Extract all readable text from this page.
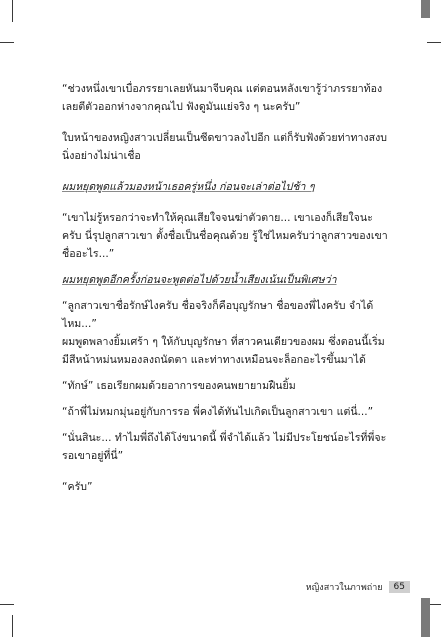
“ช่วงหนึ่งเขาเบื่อภรรยาเลยหันมาจีบคุณ แต่ตอนหลังเขารู้ว่าภรรยาท้อง เลยตีตัวออกห่างจากคุณไป ฟังดูมันแย่จริง ๆ นะครับ”

ใบหน้าของหญิงสาวเปลี่ยนเป็นซีดขาวลงไปอีก แต่ก็รับฟังด้วยท่าทางสงบนิ่งอย่างไม่น่าเชื่อ

ผมหยุดพูดแล้วมองหน้าเธอครู่หนึ่ง ก่อนจะเล่าต่อไปช้า ๆ

“เขาไม่รู้หรอกว่าจะทำให้คุณเสียใจจนฆ่าตัวตาย... เขาเองก็เสียใจนะครับ นี่รุปลูกสาวเขา ตั้งชื่อเป็นชื่อคุณด้วย รู้ใช่ไหมครับว่าลูกสาวของเขาชื่ออะไร...”

ผมหยุดพูดอีกครั้งก่อนจะพูดต่อไปด้วยน้ำเสียงเน้นเป็นพิเศษว่า

“ลูกสาวเขาชื่อรักษ์ไงครับ ชื่อจริงก็คือบุญรักษา ชื่อของพี่ไงครับ จำได้ไหม...”

ผมพูดพลางยิ้มเศร้า ๆ ให้กับบุญรักษา ที่สาวคนเดียวของผม ซึ่งตอนนี้เริ่มมีสีหน้าหม่นหมองลงถนัดตา และท่าทางเหมือนจะล็อกอะไรขึ้นมาได้

“ทักษ์” เธอเรียกผมด้วยอาการของคนพยายามฝืนยิ้ม

“ถ้าพี่ไม่หมกมุ่นอยู่กับการรอ พี่คงได้ทันไปเกิดเป็นลูกสาวเขา แต่นี่...”

“นั่นสินะ... ทำไมพี่ถึงได้โง่ขนาดนี้ พี่จำได้แล้ว ไม่มีประโยชน์อะไรที่พี่จะรอเขาอยู่ที่นี่”

“ครับ”

หญิงสาวในภาพถ่าย	65
